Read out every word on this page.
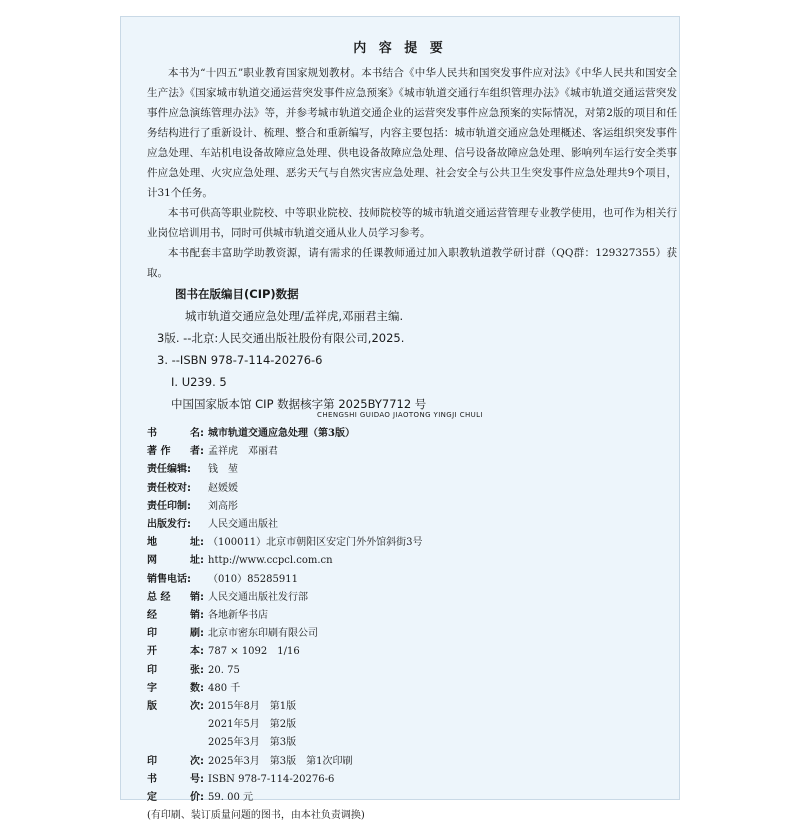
内 容 提 要

本书为“十四五”职业教育国家规划教材。本书结合《中华人民共和国突发事件应对法》《中华人民共和国安全生产法》《国家城市轨道交通运营突发事件应急预案》《城市轨道交通行车组织管理办法》《城市轨道交通运营突发事件应急演练管理办法》等，并参考城市轨道交通企业的运营突发事件应急预案的实际情况，对第2版的项目和任务结构进行了重新设计、梳理、整合和重新编写，内容主要包括：城市轨道交通应急处理概述、客运组织突发事件应急处理、车站机电设备故障应急处理、供电设备故障应急处理、信号设备故障应急处理、影响列车运行安全类事件应急处理、火灾应急处理、恶劣天气与自然灾害应急处理、社会安全与公共卫生突发事件应急处理共9个项目，计31个任务。

本书可供高等职业院校、中等职业院校、技师院校等的城市轨道交通运营管理专业教学使用，也可作为相关行业岗位培训用书，同时可供城市轨道交通从业人员学习参考。

本书配套丰富助学助教资源，请有需求的任课教师通过加入职教轨道教学研讨群（QQ群：129327355）获取。

图书在版编目(CIP)数据
城市轨道交通应急处理/孟祥虎,邓丽君主编.
3版. --北京:人民交通出版社股份有限公司,2025.
3. --ISBN 978-7-114-20276-6
Ⅰ. U239. 5
中国国家版本馆 CIP 数据核字第 2025BY7712 号
CHENGSHI GUIDAO JIAOTONG YINGJI CHULI
书	名: 城市轨道交通应急处理（第3版）
著 作 者: 孟祥虎　邓丽君
责任编辑:	钱　堃
责任校对:	赵媛媛
责任印制:	刘高彤
出版发行:	人民交通出版社
地	址: （100011）北京市朝阳区安定门外外馆斜街3号
网	址: http://www.ccpcl.com.cn
销售电话:	（010）85285911
总 经 销: 人民交通出版社发行部
经	销: 各地新华书店
印	刷: 北京市密东印刷有限公司
开	本: 787 × 1092　1/16
印	张: 20. 75
字	数: 480 千
版	次: 2015年8月　第1版
2021年5月　第2版
2025年3月　第3版
印	次: 2025年3月　第3版　第1次印刷
书	号: ISBN 978-7-114-20276-6
定	价: 59. 00 元
(有印刷、装订质量问题的图书，由本社负责调换)
